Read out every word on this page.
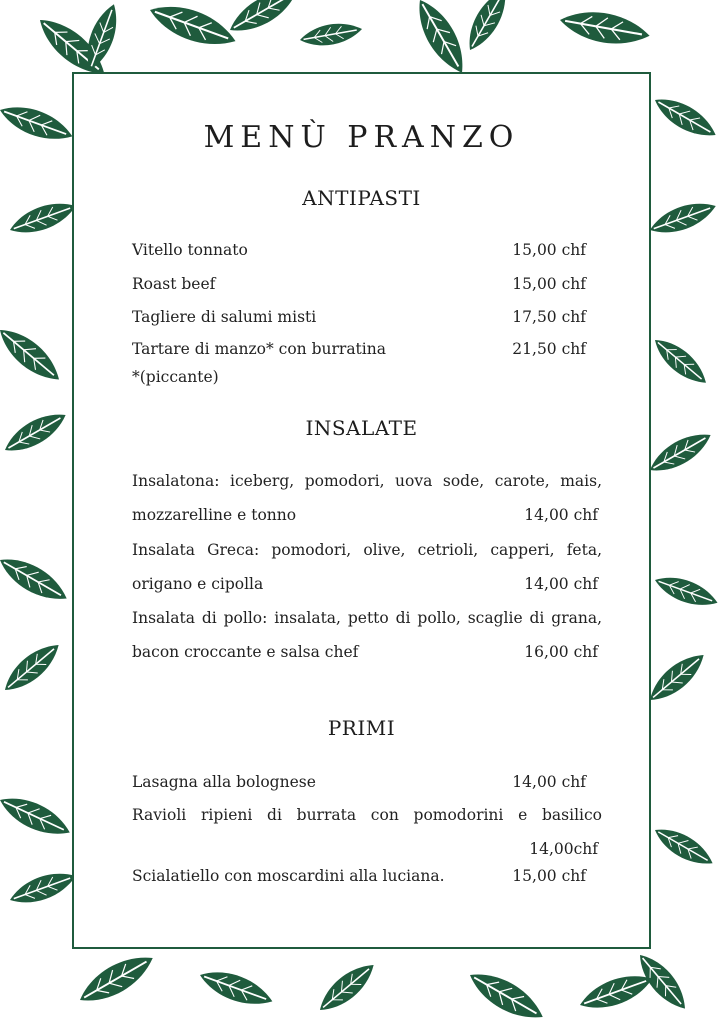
MENÙ PRANZO
ANTIPASTI
Vitello tonnato	15,00 chf
Roast beef	15,00 chf
Tagliere di salumi misti	17,50 chf
Tartare di manzo* con burratina	21,50 chf
*(piccante)
INSALATE
Insalatona: iceberg, pomodori, uova sode, carote, mais,
mozzarelline e tonno	14,00 chf
Insalata Greca: pomodori, olive, cetrioli, capperi, feta,
origano e cipolla	14,00 chf
Insalata di pollo: insalata, petto di pollo, scaglie di grana,
bacon croccante e salsa chef	16,00 chf
PRIMI
Lasagna alla bolognese	14,00 chf
Ravioli ripieni di burrata con pomodorini e basilico
14,00chf
Scialatiello con moscardini alla luciana.	15,00 chf
